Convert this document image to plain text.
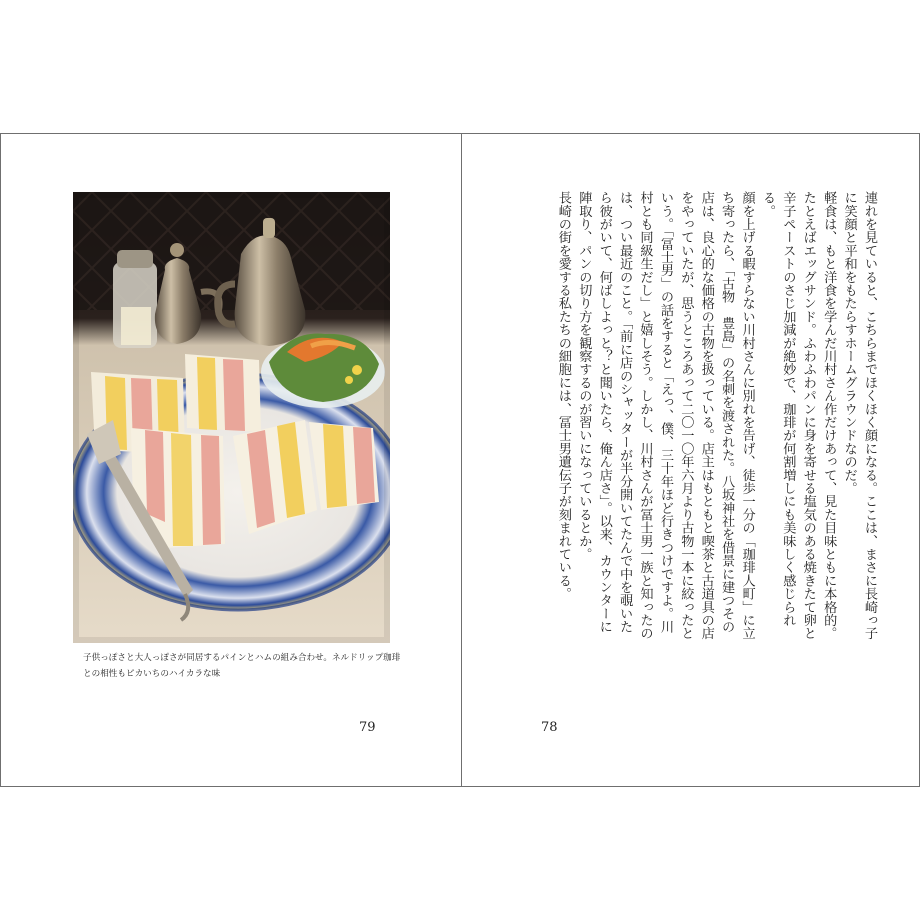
子供っぽさと大人っぽさが同居するパインとハムの組み合わせ。ネルドリップ珈琲
との相性もピカいちのハイカラな味
79

連れを見ていると、こちらまでほくほく顔になる。ここは、まさに長崎っ子に笑顔と平和をもたらすホームグラウンドなのだ。

軽食は、もと洋食を学んだ川村さん作だけあって、見た目味ともに本格的。たとえばエッグサンド。ふわふわパンに身を寄せる塩気のある焼きたて卵と辛子ペーストのさじ加減が絶妙で、珈琲が何割増しにも美味しく感じられる。

顔を上げる暇すらない川村さんに別れを告げ、徒歩一分の「珈琲人町」に立ち寄ったら、「古物　豊島」の名刺を渡された。八坂神社を借景に建つその店は、良心的な価格の古物を扱っている。店主はもともと喫茶と古道具の店をやっていたが、思うところあって二〇一〇年六月より古物一本に絞ったという。「冨士男」の話をすると「えっ、僕、三十年ほど行きつけですよ。川村とも同級生だし」と嬉しそう。しかし、川村さんが冨士男一族と知ったのは、つい最近のこと。「前に店のシャッターが半分開いてたんで中を覗いたら彼がいて、何ばしよっと？と聞いたら、俺ん店さ」。以来、カウンターに陣取り、パンの切り方を観察するのが習いになっているとか。

長崎の街を愛する私たちの細胞には、冨士男遺伝子が刻まれている。

78
